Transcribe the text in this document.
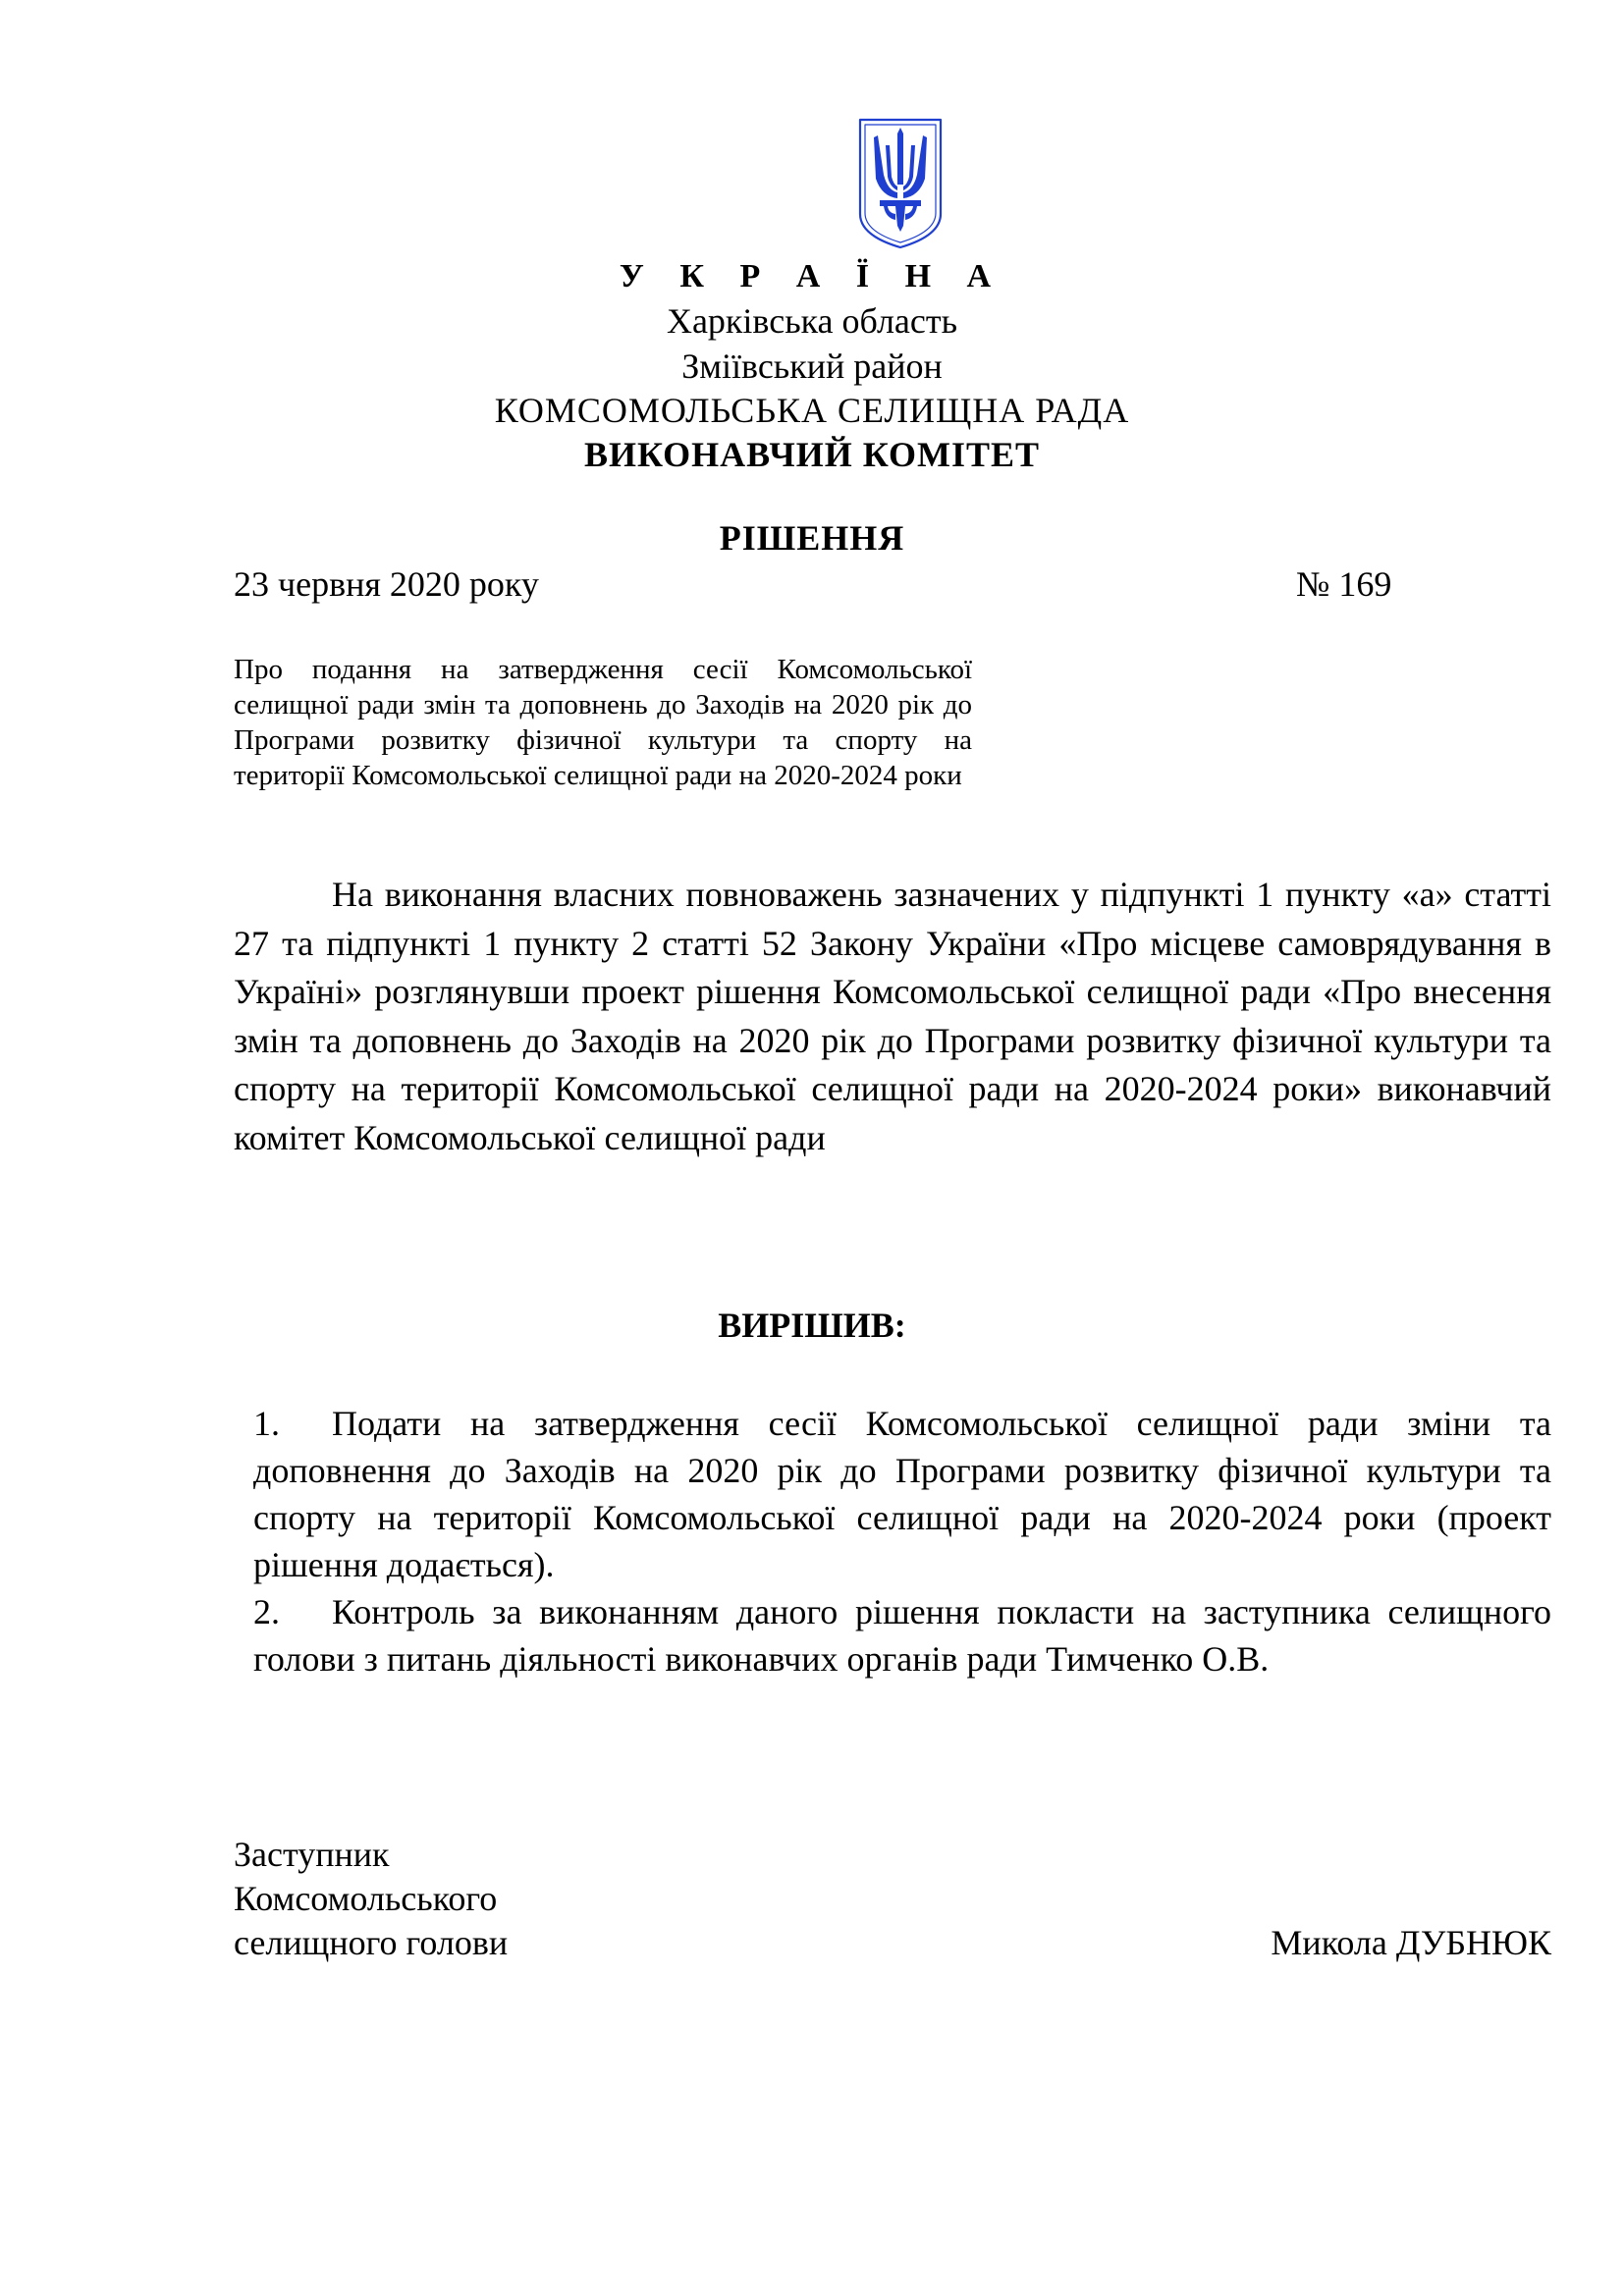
У К Р А Ї Н А
Харківська область
Зміївський район
КОМСОМОЛЬСЬКА СЕЛИЩНА РАДА
ВИКОНАВЧИЙ КОМІТЕТ
РІШЕННЯ
23 червня 2020 року	№ 169
Про подання на затвердження сесії Комсомольської селищної ради змін та доповнень до Заходів на 2020 рік до Програми розвитку фізичної культури та спорту на території Комсомольської селищної ради на 2020-2024 роки
На виконання власних повноважень зазначених у підпункті 1 пункту «а» статті 27 та підпункті 1 пункту 2 статті 52 Закону України «Про місцеве самоврядування в Україні» розглянувши проект рішення Комсомольської селищної ради «Про внесення змін та доповнень до Заходів на 2020 рік до Програми розвитку фізичної культури та спорту на території Комсомольської селищної ради на 2020-2024 роки» виконавчий комітет Комсомольської селищної ради
ВИРІШИВ:

1. Подати на затвердження сесії Комсомольської селищної ради зміни та доповнення до Заходів на 2020 рік до Програми розвитку фізичної культури та спорту на території Комсомольської селищної ради на 2020-2024 роки (проект рішення додається).

2. Контроль за виконанням даного рішення покласти на заступника селищного голови з питань діяльності виконавчих органів ради Тимченко О.В.

Заступник
Комсомольського
селищного голови	Микола ДУБНЮК
